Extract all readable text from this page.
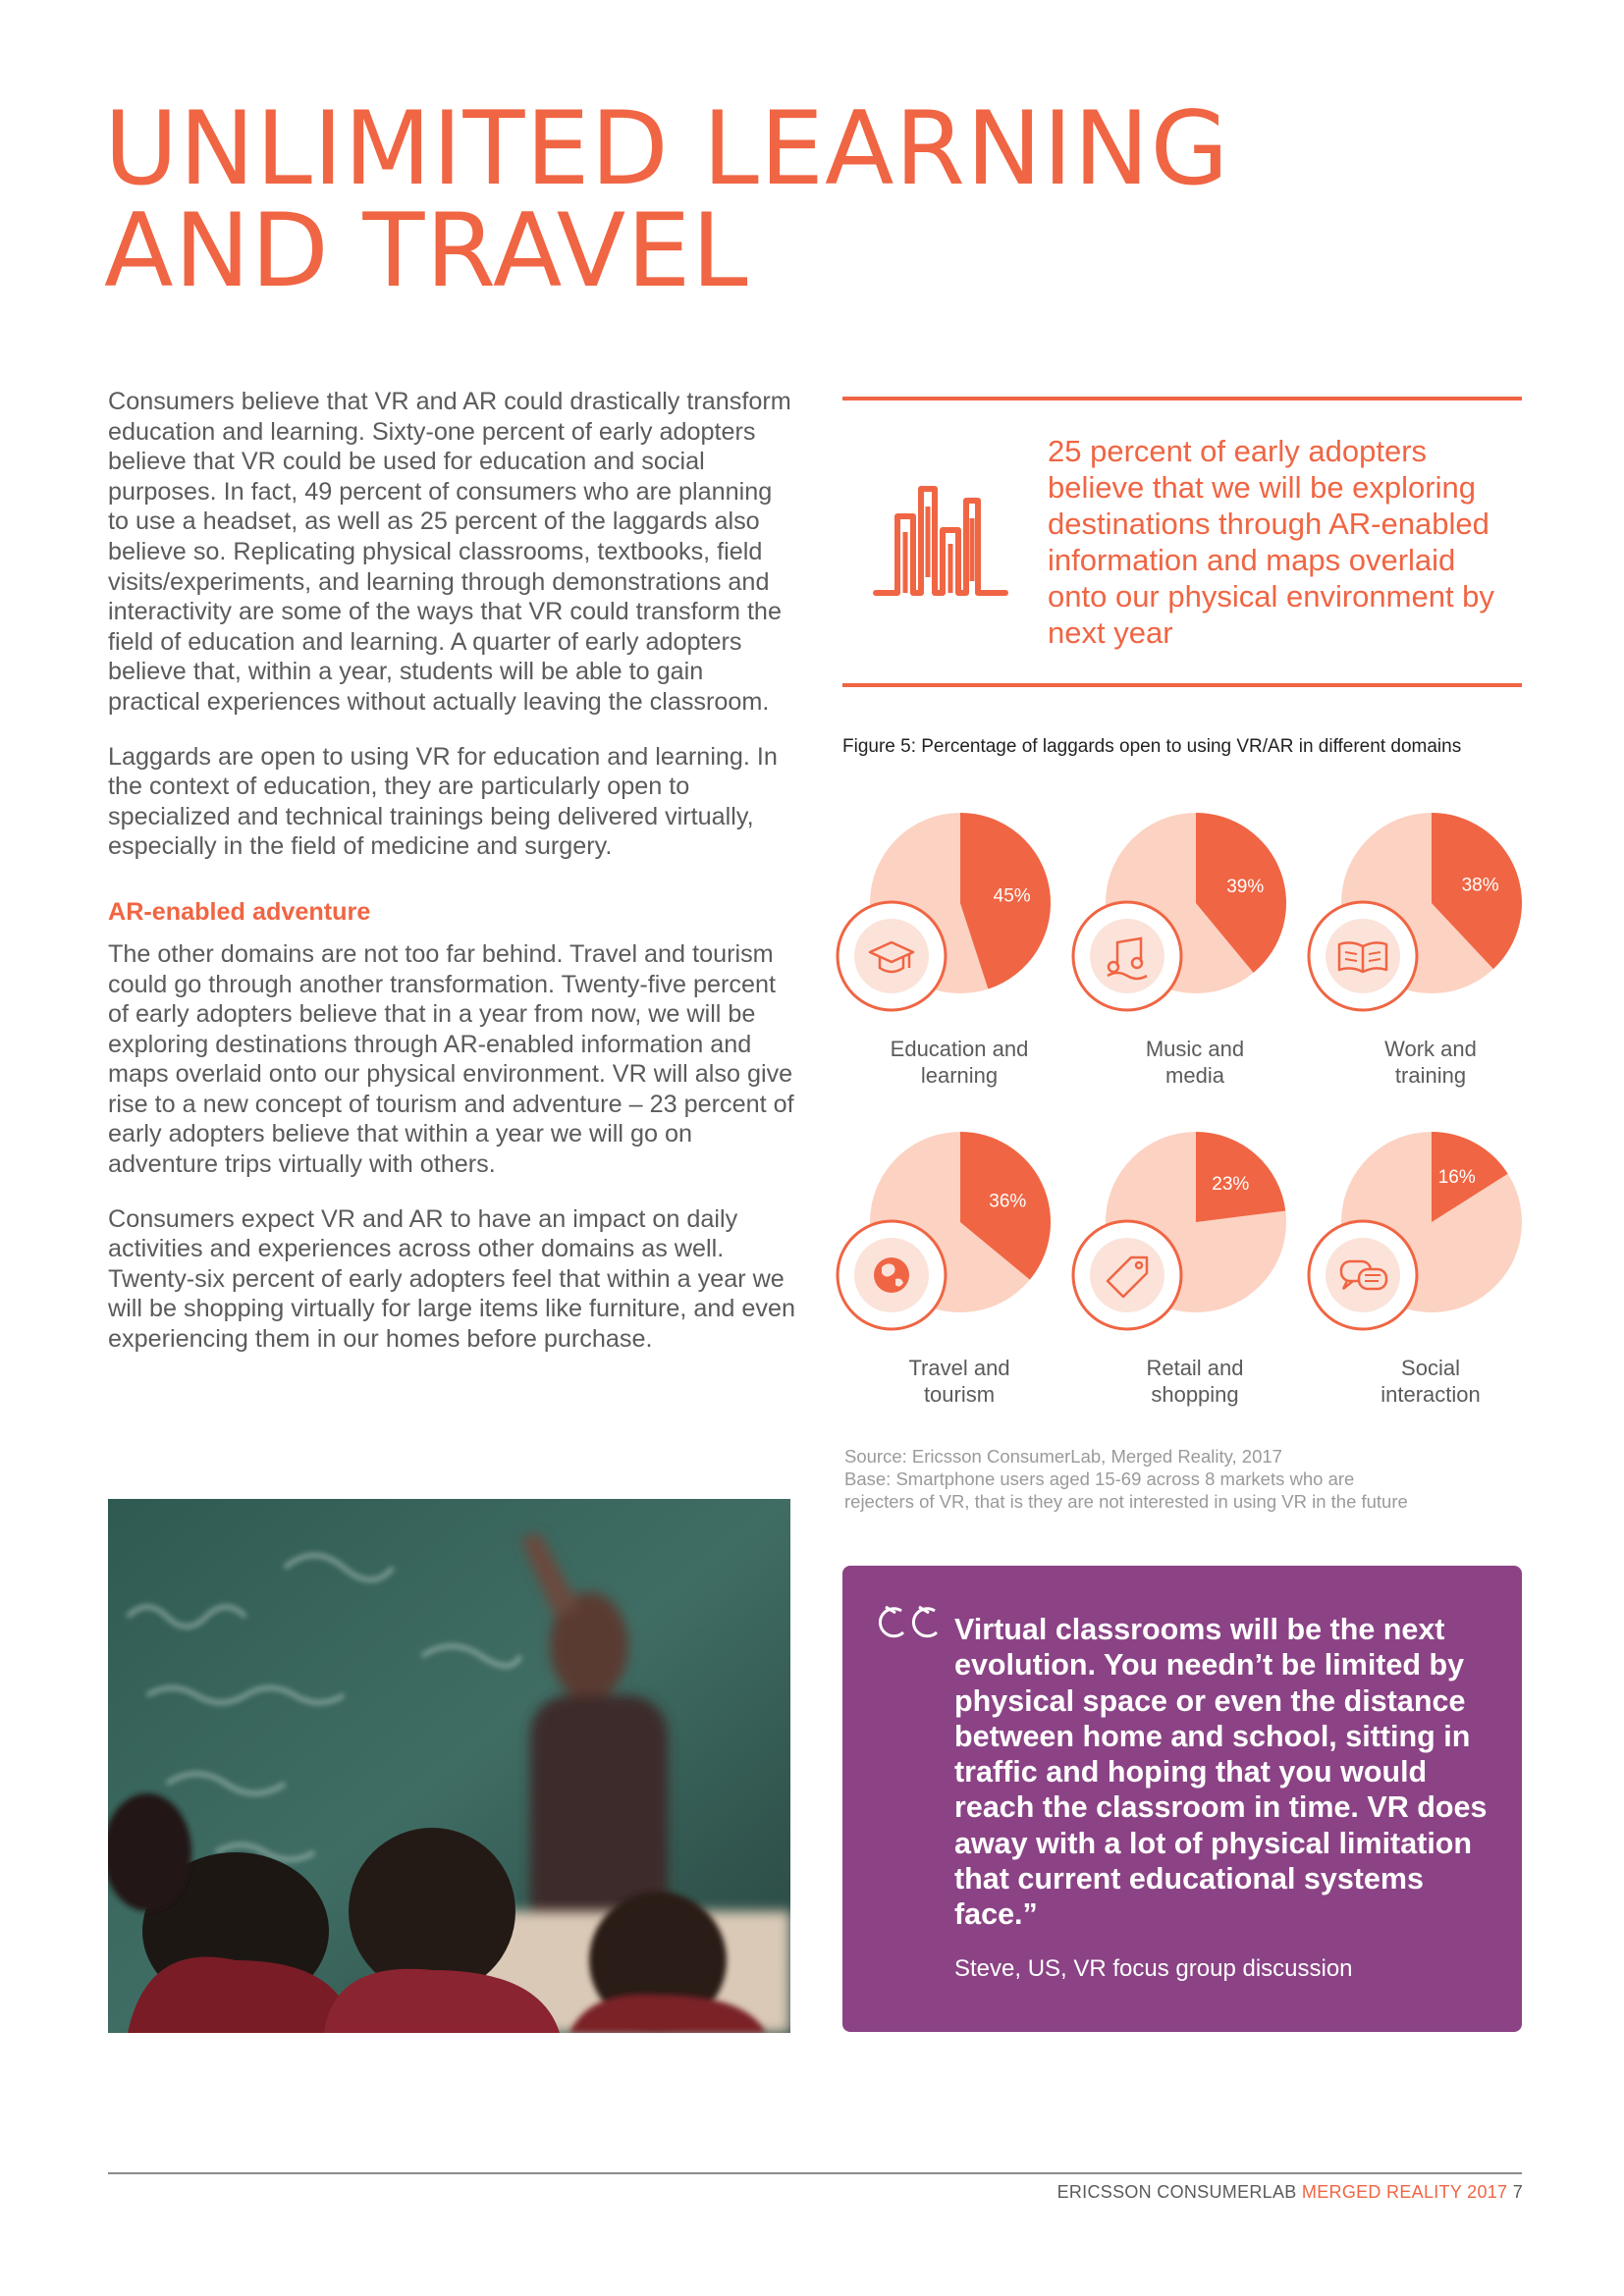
UNLIMITED LEARNING
AND TRAVEL

Consumers believe that VR and AR could drastically transform education and learning. Sixty-one percent of early adopters believe that VR could be used for education and social purposes. In fact, 49 percent of consumers who are planning to use a headset, as well as 25 percent of the laggards also believe so. Replicating physical classrooms, textbooks, field visits/experiments, and learning through demonstrations and interactivity are some of the ways that VR could transform the field of education and learning. A quarter of early adopters believe that, within a year, students will be able to gain practical experiences without actually leaving the classroom.

Laggards are open to using VR for education and learning. In the context of education, they are particularly open to specialized and technical trainings being delivered virtually, especially in the field of medicine and surgery.

AR-enabled adventure

The other domains are not too far behind. Travel and tourism could go through another transformation. Twenty-five percent of early adopters believe that in a year from now, we will be exploring destinations through AR-enabled information and maps overlaid onto our physical environment. VR will also give rise to a new concept of tourism and adventure – 23 percent of early adopters believe that within a year we will go on adventure trips virtually with others.

Consumers expect VR and AR to have an impact on daily activities and experiences across other domains as well. Twenty-six percent of early adopters feel that within a year we will be shopping virtually for large items like furniture, and even experiencing them in our homes before purchase.

25 percent of early adopters believe that we will be exploring destinations through AR-enabled information and maps overlaid onto our physical environment by next year

Figure 5: Percentage of laggards open to using VR/AR in different domains

45%
Education and
learning
39%
Music and
media
38%
Work and
training
36%
Travel and
tourism
23%
Retail and
shopping
16%
Social
interaction
Source: Ericsson ConsumerLab, Merged Reality, 2017
Base: Smartphone users aged 15-69 across 8 markets who are
rejecters of VR, that is they are not interested in using VR in the future

Virtual classrooms will be the next evolution. You needn’t be limited by physical space or even the distance between home and school, sitting in traffic and hoping that you would reach the classroom in time. VR does away with a lot of physical limitation that current educational systems face.”

Steve, US, VR focus group discussion

ERICSSON CONSUMERLAB MERGED REALITY 2017 7
